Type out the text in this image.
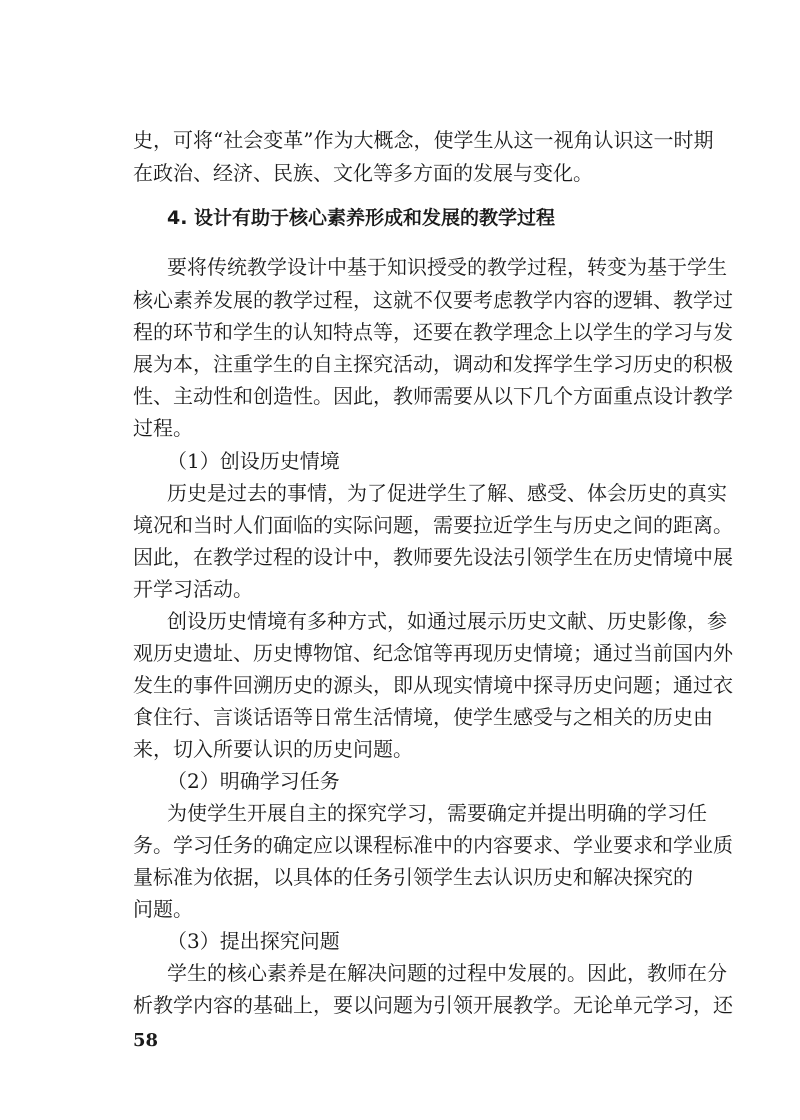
史，可将“社会变革”作为大概念，使学生从这一视角认识这一时期
在政治、经济、民族、文化等多方面的发展与变化。
4. 设计有助于核心素养形成和发展的教学过程
要将传统教学设计中基于知识授受的教学过程，转变为基于学生
核心素养发展的教学过程，这就不仅要考虑教学内容的逻辑、教学过
程的环节和学生的认知特点等，还要在教学理念上以学生的学习与发
展为本，注重学生的自主探究活动，调动和发挥学生学习历史的积极
性、主动性和创造性。因此，教师需要从以下几个方面重点设计教学
过程。
（1）创设历史情境
历史是过去的事情，为了促进学生了解、感受、体会历史的真实
境况和当时人们面临的实际问题，需要拉近学生与历史之间的距离。
因此，在教学过程的设计中，教师要先设法引领学生在历史情境中展
开学习活动。
创设历史情境有多种方式，如通过展示历史文献、历史影像，参
观历史遗址、历史博物馆、纪念馆等再现历史情境；通过当前国内外
发生的事件回溯历史的源头，即从现实情境中探寻历史问题；通过衣
食住行、言谈话语等日常生活情境，使学生感受与之相关的历史由
来，切入所要认识的历史问题。
（2）明确学习任务
为使学生开展自主的探究学习，需要确定并提出明确的学习任
务。学习任务的确定应以课程标准中的内容要求、学业要求和学业质
量标准为依据，以具体的任务引领学生去认识历史和解决探究的
问题。
（3）提出探究问题
学生的核心素养是在解决问题的过程中发展的。因此，教师在分
析教学内容的基础上，要以问题为引领开展教学。无论单元学习，还
58
